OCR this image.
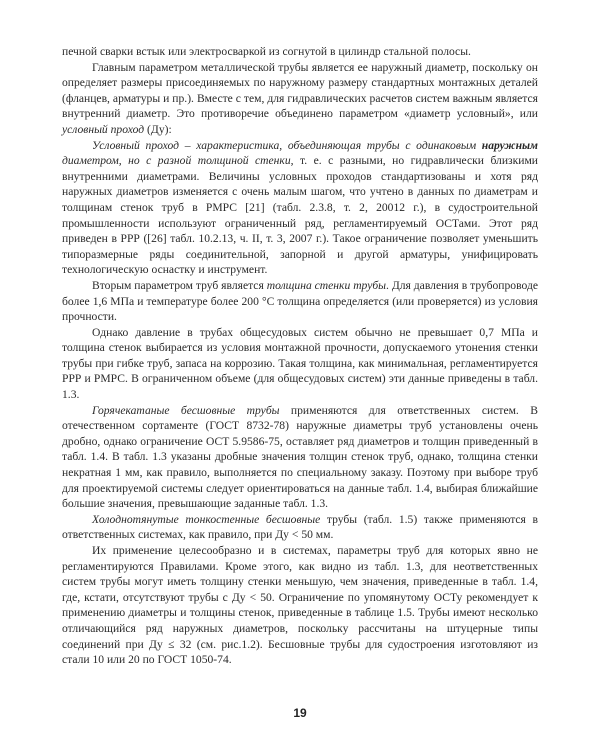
печной сварки встык или электросваркой из согнутой в цилиндр стальной полосы.

Главным параметром металлической трубы является ее наружный диаметр, поскольку он определяет размеры присоединяемых по наружному размеру стандартных монтажных деталей (фланцев, арматуры и пр.). Вместе с тем, для гидравлических расчетов систем важным является внутренний диаметр. Это противоречие объединено параметром «диаметр условный», или условный проход (Ду):

Условный проход – характеристика, объединяющая трубы с одинаковым наружным диаметром, но с разной толщиной стенки, т. е. с разными, но гидравлически близкими внутренними диаметрами. Величины условных проходов стандартизованы и хотя ряд наружных диаметров изменяется с очень малым шагом, что учтено в данных по диаметрам и толщинам стенок труб в РМРС [21] (табл. 2.3.8, т. 2, 20012 г.), в судостроительной промышленности используют ограниченный ряд, регламентируемый ОСТами. Этот ряд приведен в РРР ([26] табл. 10.2.13, ч. II, т. 3, 2007 г.). Такое ограничение позволяет уменьшить типоразмерные ряды соединительной, запорной и другой арматуры, унифицировать технологическую оснастку и инструмент.

Вторым параметром труб является толщина стенки трубы. Для давления в трубопроводе более 1,6 МПа и температуре более 200 °С толщина определяется (или проверяется) из условия прочности.

Однако давление в трубах общесудовых систем обычно не превышает 0,7 МПа и толщина стенок выбирается из условия монтажной прочности, допускаемого утонения стенки трубы при гибке труб, запаса на коррозию. Такая толщина, как минимальная, регламентируется РРР и РМРС. В ограниченном объеме (для общесудовых систем) эти данные приведены в табл. 1.3.

Горячекатаные бесшовные трубы применяются для ответственных систем. В отечественном сортаменте (ГОСТ 8732-78) наружные диаметры труб установлены очень дробно, однако ограничение ОСТ 5.9586-75, оставляет ряд диаметров и толщин приведенный в табл. 1.4. В табл. 1.3 указаны дробные значения толщин стенок труб, однако, толщина стенки некратная 1 мм, как правило, выполняется по специальному заказу. Поэтому при выборе труб для проектируемой системы следует ориентироваться на данные табл. 1.4, выбирая ближайшие большие значения, превышающие заданные табл. 1.3.

Холоднотянутые тонкостенные бесшовные трубы (табл. 1.5) также применяются в ответственных системах, как правило, при Ду < 50 мм.

Их применение целесообразно и в системах, параметры труб для которых явно не регламентируются Правилами. Кроме этого, как видно из табл. 1.3, для неответственных систем трубы могут иметь толщину стенки меньшую, чем значения, приведенные в табл. 1.4, где, кстати, отсутствуют трубы с Ду < 50. Ограничение по упомянутому ОСТу рекомендует к применению диаметры и толщины стенок, приведенные в таблице 1.5. Трубы имеют несколько отличающийся ряд наружных диаметров, поскольку рассчитаны на штуцерные типы соединений при Ду ≤ 32 (см. рис.1.2). Бесшовные трубы для судостроения изготовляют из стали 10 или 20 по ГОСТ 1050-74.

19
